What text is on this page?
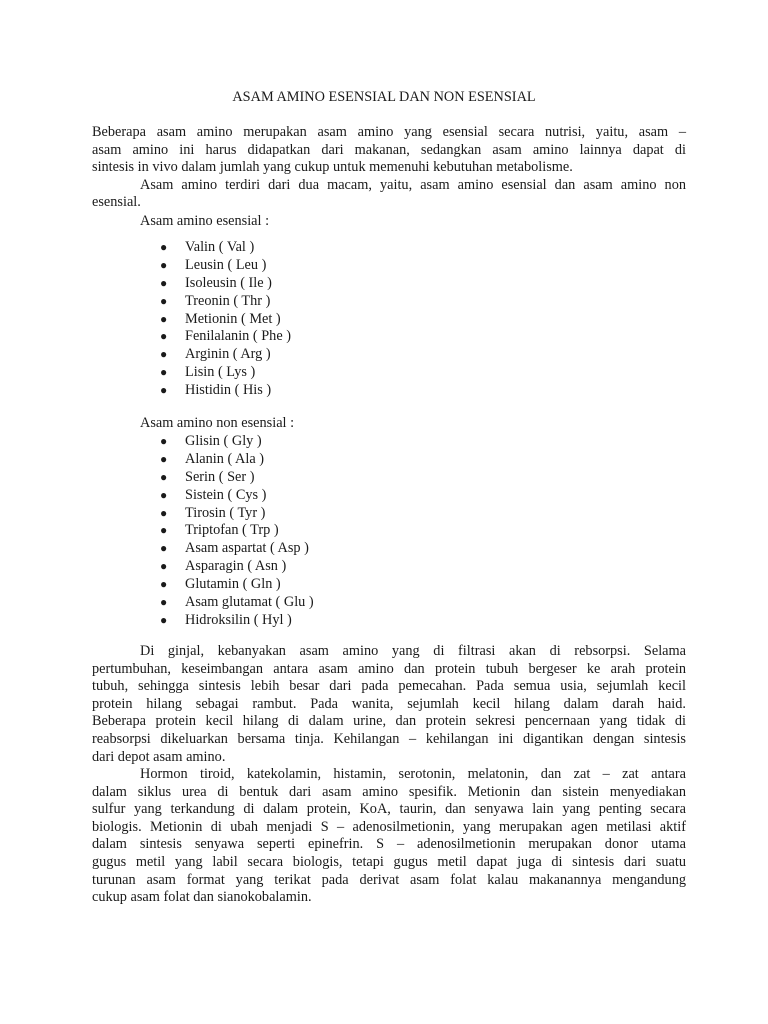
ASAM AMINO ESENSIAL DAN NON ESENSIAL
Beberapa asam amino merupakan asam amino yang esensial secara nutrisi, yaitu, asam –
asam amino ini harus didapatkan dari makanan, sedangkan asam amino lainnya dapat di
sintesis in vivo dalam jumlah yang cukup untuk memenuhi kebutuhan metabolisme.
Asam amino terdiri dari dua macam, yaitu, asam amino esensial dan asam amino non
esensial.
Asam amino esensial :
●	Valin ( Val )
●	Leusin ( Leu )
●	Isoleusin ( Ile )
●	Treonin ( Thr )
●	Metionin ( Met )
●	Fenilalanin ( Phe )
●	Arginin ( Arg )
●	Lisin ( Lys )
●	Histidin ( His )
Asam amino non esensial :
●	Glisin ( Gly )
●	Alanin ( Ala )
●	Serin ( Ser )
●	Sistein ( Cys )
●	Tirosin ( Tyr )
●	Triptofan ( Trp )
●	Asam aspartat ( Asp )
●	Asparagin ( Asn )
●	Glutamin ( Gln )
●	Asam glutamat ( Glu )
●	Hidroksilin ( Hyl )
Di ginjal, kebanyakan asam amino yang di filtrasi akan di rebsorpsi. Selama
pertumbuhan, keseimbangan antara asam amino dan protein tubuh bergeser ke arah protein
tubuh, sehingga sintesis lebih besar dari pada pemecahan. Pada semua usia, sejumlah kecil
protein hilang sebagai rambut. Pada wanita, sejumlah kecil hilang dalam darah haid.
Beberapa protein kecil hilang di dalam urine, dan protein sekresi pencernaan yang tidak di
reabsorpsi dikeluarkan bersama tinja. Kehilangan – kehilangan ini digantikan dengan sintesis
dari depot asam amino.
Hormon tiroid, katekolamin, histamin, serotonin, melatonin, dan zat – zat antara
dalam siklus urea di bentuk dari asam amino spesifik. Metionin dan sistein menyediakan
sulfur yang terkandung di dalam protein, KoA, taurin, dan senyawa lain yang penting secara
biologis. Metionin di ubah menjadi S – adenosilmetionin, yang merupakan agen metilasi aktif
dalam sintesis senyawa seperti epinefrin. S – adenosilmetionin merupakan donor utama
gugus metil yang labil secara biologis, tetapi gugus metil dapat juga di sintesis dari suatu
turunan asam format yang terikat pada derivat asam folat kalau makanannya mengandung
cukup asam folat dan sianokobalamin.
